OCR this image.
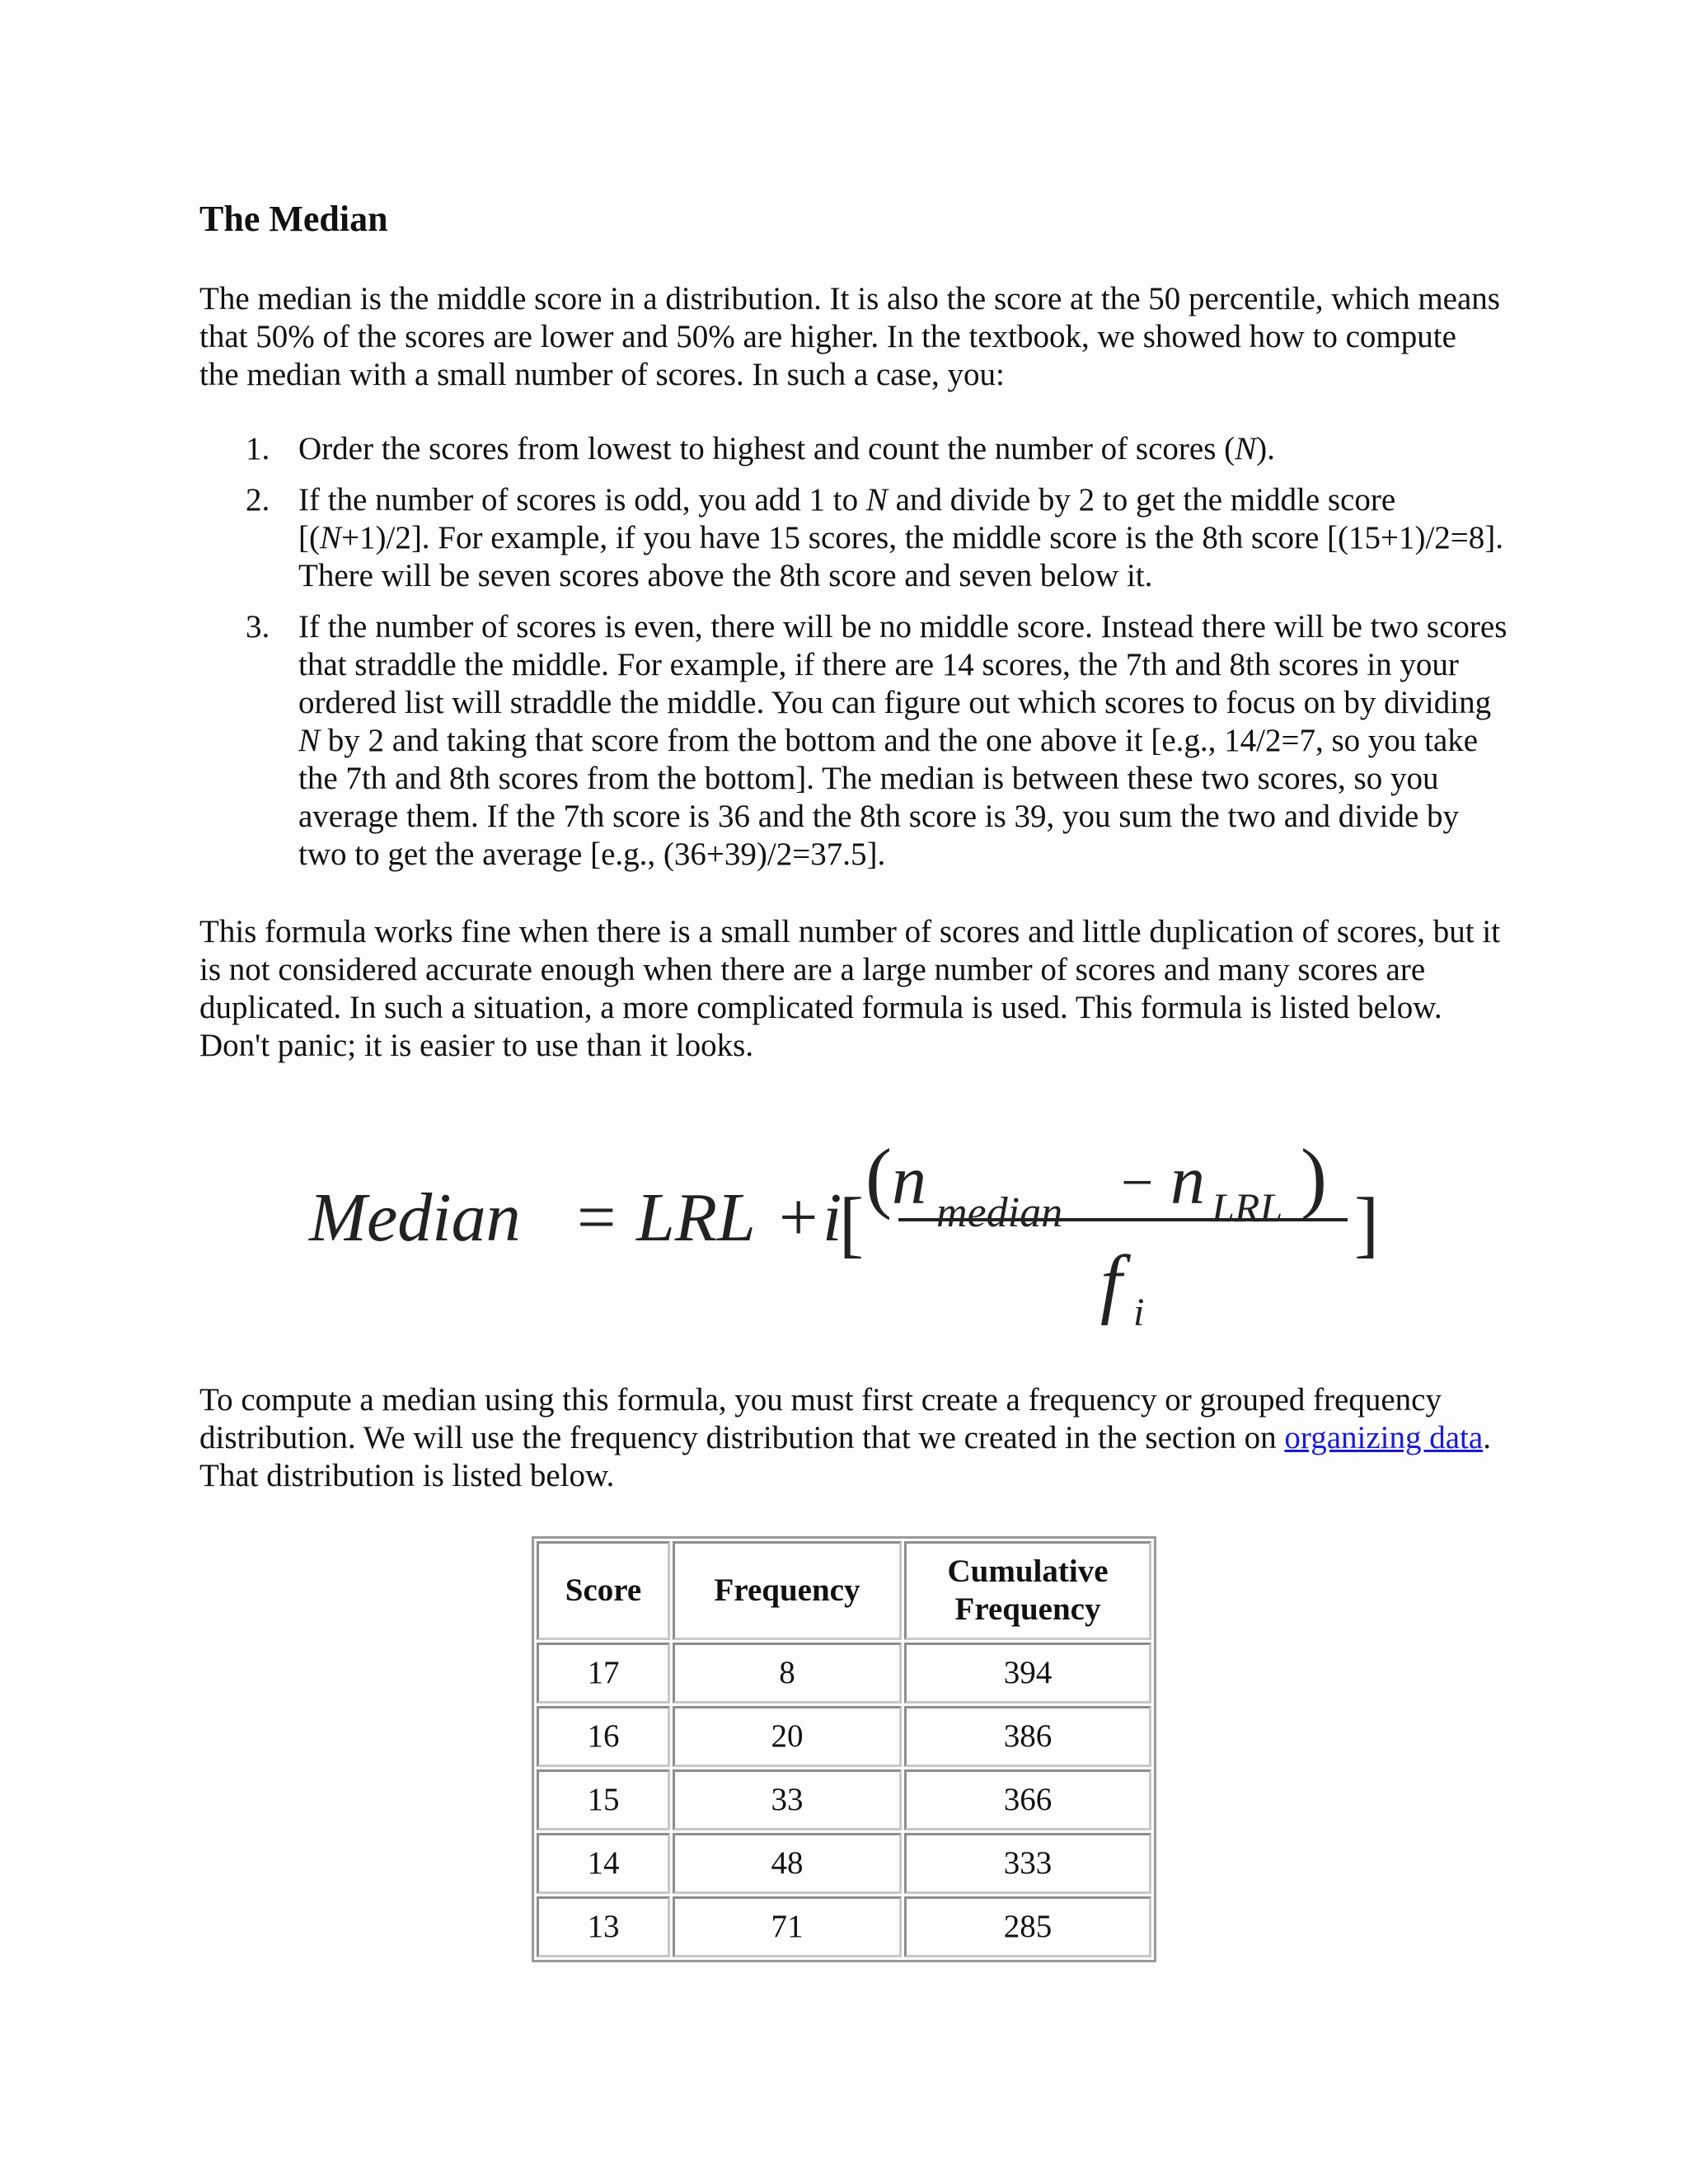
The Median

The median is the middle score in a distribution. It is also the score at the 50 percentile, which means that 50% of the scores are lower and 50% are higher. In the textbook, we showed how to compute the median with a small number of scores. In such a case, you:

1. Order the scores from lowest to highest and count the number of scores (N).
2. If the number of scores is odd, you add 1 to N and divide by 2 to get the middle score [(N+1)/2]. For example, if you have 15 scores, the middle score is the 8th score [(15+1)/2=8]. There will be seven scores above the 8th score and seven below it.
3. If the number of scores is even, there will be no middle score. Instead there will be two scores that straddle the middle. For example, if there are 14 scores, the 7th and 8th scores in your ordered list will straddle the middle. You can figure out which scores to focus on by dividing N by 2 and taking that score from the bottom and the one above it [e.g., 14/2=7, so you take the 7th and 8th scores from the bottom]. The median is between these two scores, so you average them. If the 7th score is 36 and the 8th score is 39, you sum the two and divide by two to get the average [e.g., (36+39)/2=37.5].

This formula works fine when there is a small number of scores and little duplication of scores, but it is not considered accurate enough when there are a large number of scores and many scores are duplicated. In such a situation, a more complicated formula is used. This formula is listed below. Don't panic; it is easier to use than it looks.

Median = LRL + i
[
( n median − n LRL )
f i
]

To compute a median using this formula, you must first create a frequency or grouped frequency distribution. We will use the frequency distribution that we created in the section on organizing data. That distribution is listed below.

Score	Frequency	Cumulative
Frequency
17	8	394
16	20	386
15	33	366
14	48	333
13	71	285
